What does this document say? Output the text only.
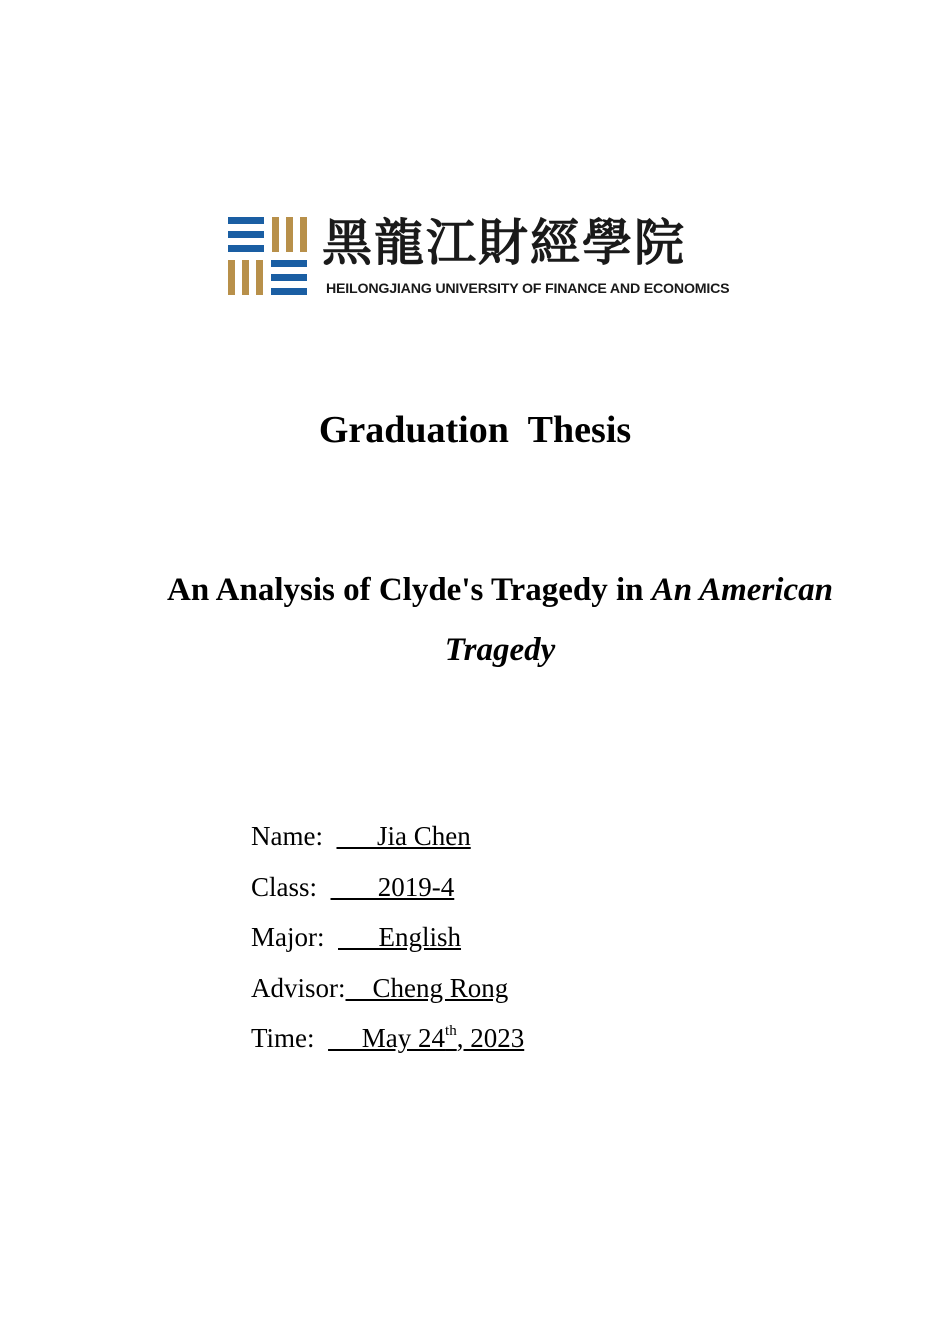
黑龍江財經學院
HEILONGJIANG UNIVERSITY OF FINANCE AND ECONOMICS
Graduation Thesis
An Analysis of Clyde's Tragedy in An American Tragedy
Name:        Jia Chen
Class:         2019-4
Major:        English
Advisor:    Cheng Rong
Time:       May 24th, 2023
